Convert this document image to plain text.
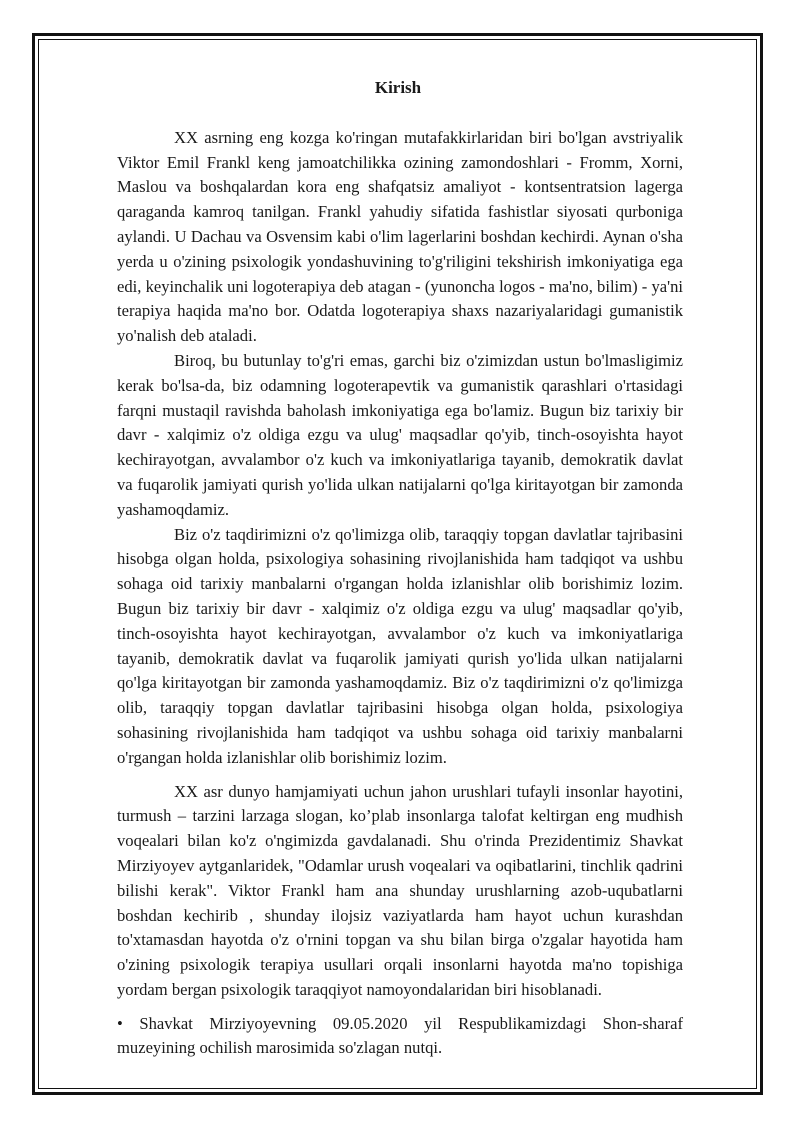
Kirish

XX asrning eng kozga ko'ringan mutafakkirlaridan biri bo'lgan avstriyalik Viktor Emil Frankl keng jamoatchilikka ozining zamondoshlari - Fromm, Xorni, Maslou va boshqalardan kora eng shafqatsiz amaliyot - kontsentratsion lagerga qaraganda kamroq tanilgan. Frankl yahudiy sifatida fashistlar siyosati qurboniga aylandi. U Dachau va Osvensim kabi o'lim lagerlarini boshdan kechirdi. Aynan o'sha yerda u o'zining psixologik yondashuvining to'g'riligini tekshirish imkoniyatiga ega edi, keyinchalik uni logoterapiya deb atagan - (yunoncha logos - ma'no, bilim) - ya'ni terapiya haqida ma'no bor. Odatda logoterapiya shaxs nazariyalaridagi gumanistik yo'nalish deb ataladi.

Biroq, bu butunlay to'g'ri emas, garchi biz o'zimizdan ustun bo'lmasligimiz kerak bo'lsa-da, biz odamning logoterapevtik va gumanistik qarashlari o'rtasidagi farqni mustaqil ravishda baholash imkoniyatiga ega bo'lamiz. Bugun biz tarixiy bir davr - xalqimiz o'z oldiga ezgu va ulug' maqsadlar qo'yib, tinch-osoyishta hayot kechirayotgan, avvalambor o'z kuch va imkoniyatlariga tayanib, demokratik davlat va fuqarolik jamiyati qurish yo'lida ulkan natijalarni qo'lga kiritayotgan bir zamonda yashamoqdamiz.

Biz o'z taqdirimizni o'z qo'limizga olib, taraqqiy topgan davlatlar tajribasini hisobga olgan holda, psixologiya sohasining rivojlanishida ham tadqiqot va ushbu sohaga oid tarixiy manbalarni o'rgangan holda izlanishlar olib borishimiz lozim. Bugun biz tarixiy bir davr - xalqimiz o'z oldiga ezgu va ulug' maqsadlar qo'yib, tinch-osoyishta hayot kechirayotgan, avvalambor o'z kuch va imkoniyatlariga tayanib, demokratik davlat va fuqarolik jamiyati qurish yo'lida ulkan natijalarni qo'lga kiritayotgan bir zamonda yashamoqdamiz. Biz o'z taqdirimizni o'z qo'limizga olib, taraqqiy topgan davlatlar tajribasini hisobga olgan holda, psixologiya sohasining rivojlanishida ham tadqiqot va ushbu sohaga oid tarixiy manbalarni o'rgangan holda izlanishlar olib borishimiz lozim.

XX asr dunyo hamjamiyati uchun jahon urushlari tufayli insonlar hayotini, turmush – tarzini larzaga slogan, ko’plab insonlarga talofat keltirgan eng mudhish voqealari bilan ko'z o'ngimizda gavdalanadi. Shu o'rinda Prezidentimiz Shavkat Mirziyoyev aytganlaridek, "Odamlar urush voqealari va oqibatlarini, tinchlik qadrini bilishi kerak". Viktor Frankl ham ana shunday urushlarning azob-uqubatlarni boshdan kechirib , shunday ilojsiz vaziyatlarda ham hayot uchun kurashdan to'xtamasdan hayotda o'z o'rnini topgan va shu bilan birga o'zgalar hayotida ham o'zining psixologik terapiya usullari orqali insonlarni hayotda ma'no topishiga yordam bergan psixologik taraqqiyot namoyondalaridan biri hisoblanadi.

• Shavkat Mirziyoyevning 09.05.2020 yil Respublikamizdagi Shon-sharaf muzeyining ochilish marosimida so'zlagan nutqi.
